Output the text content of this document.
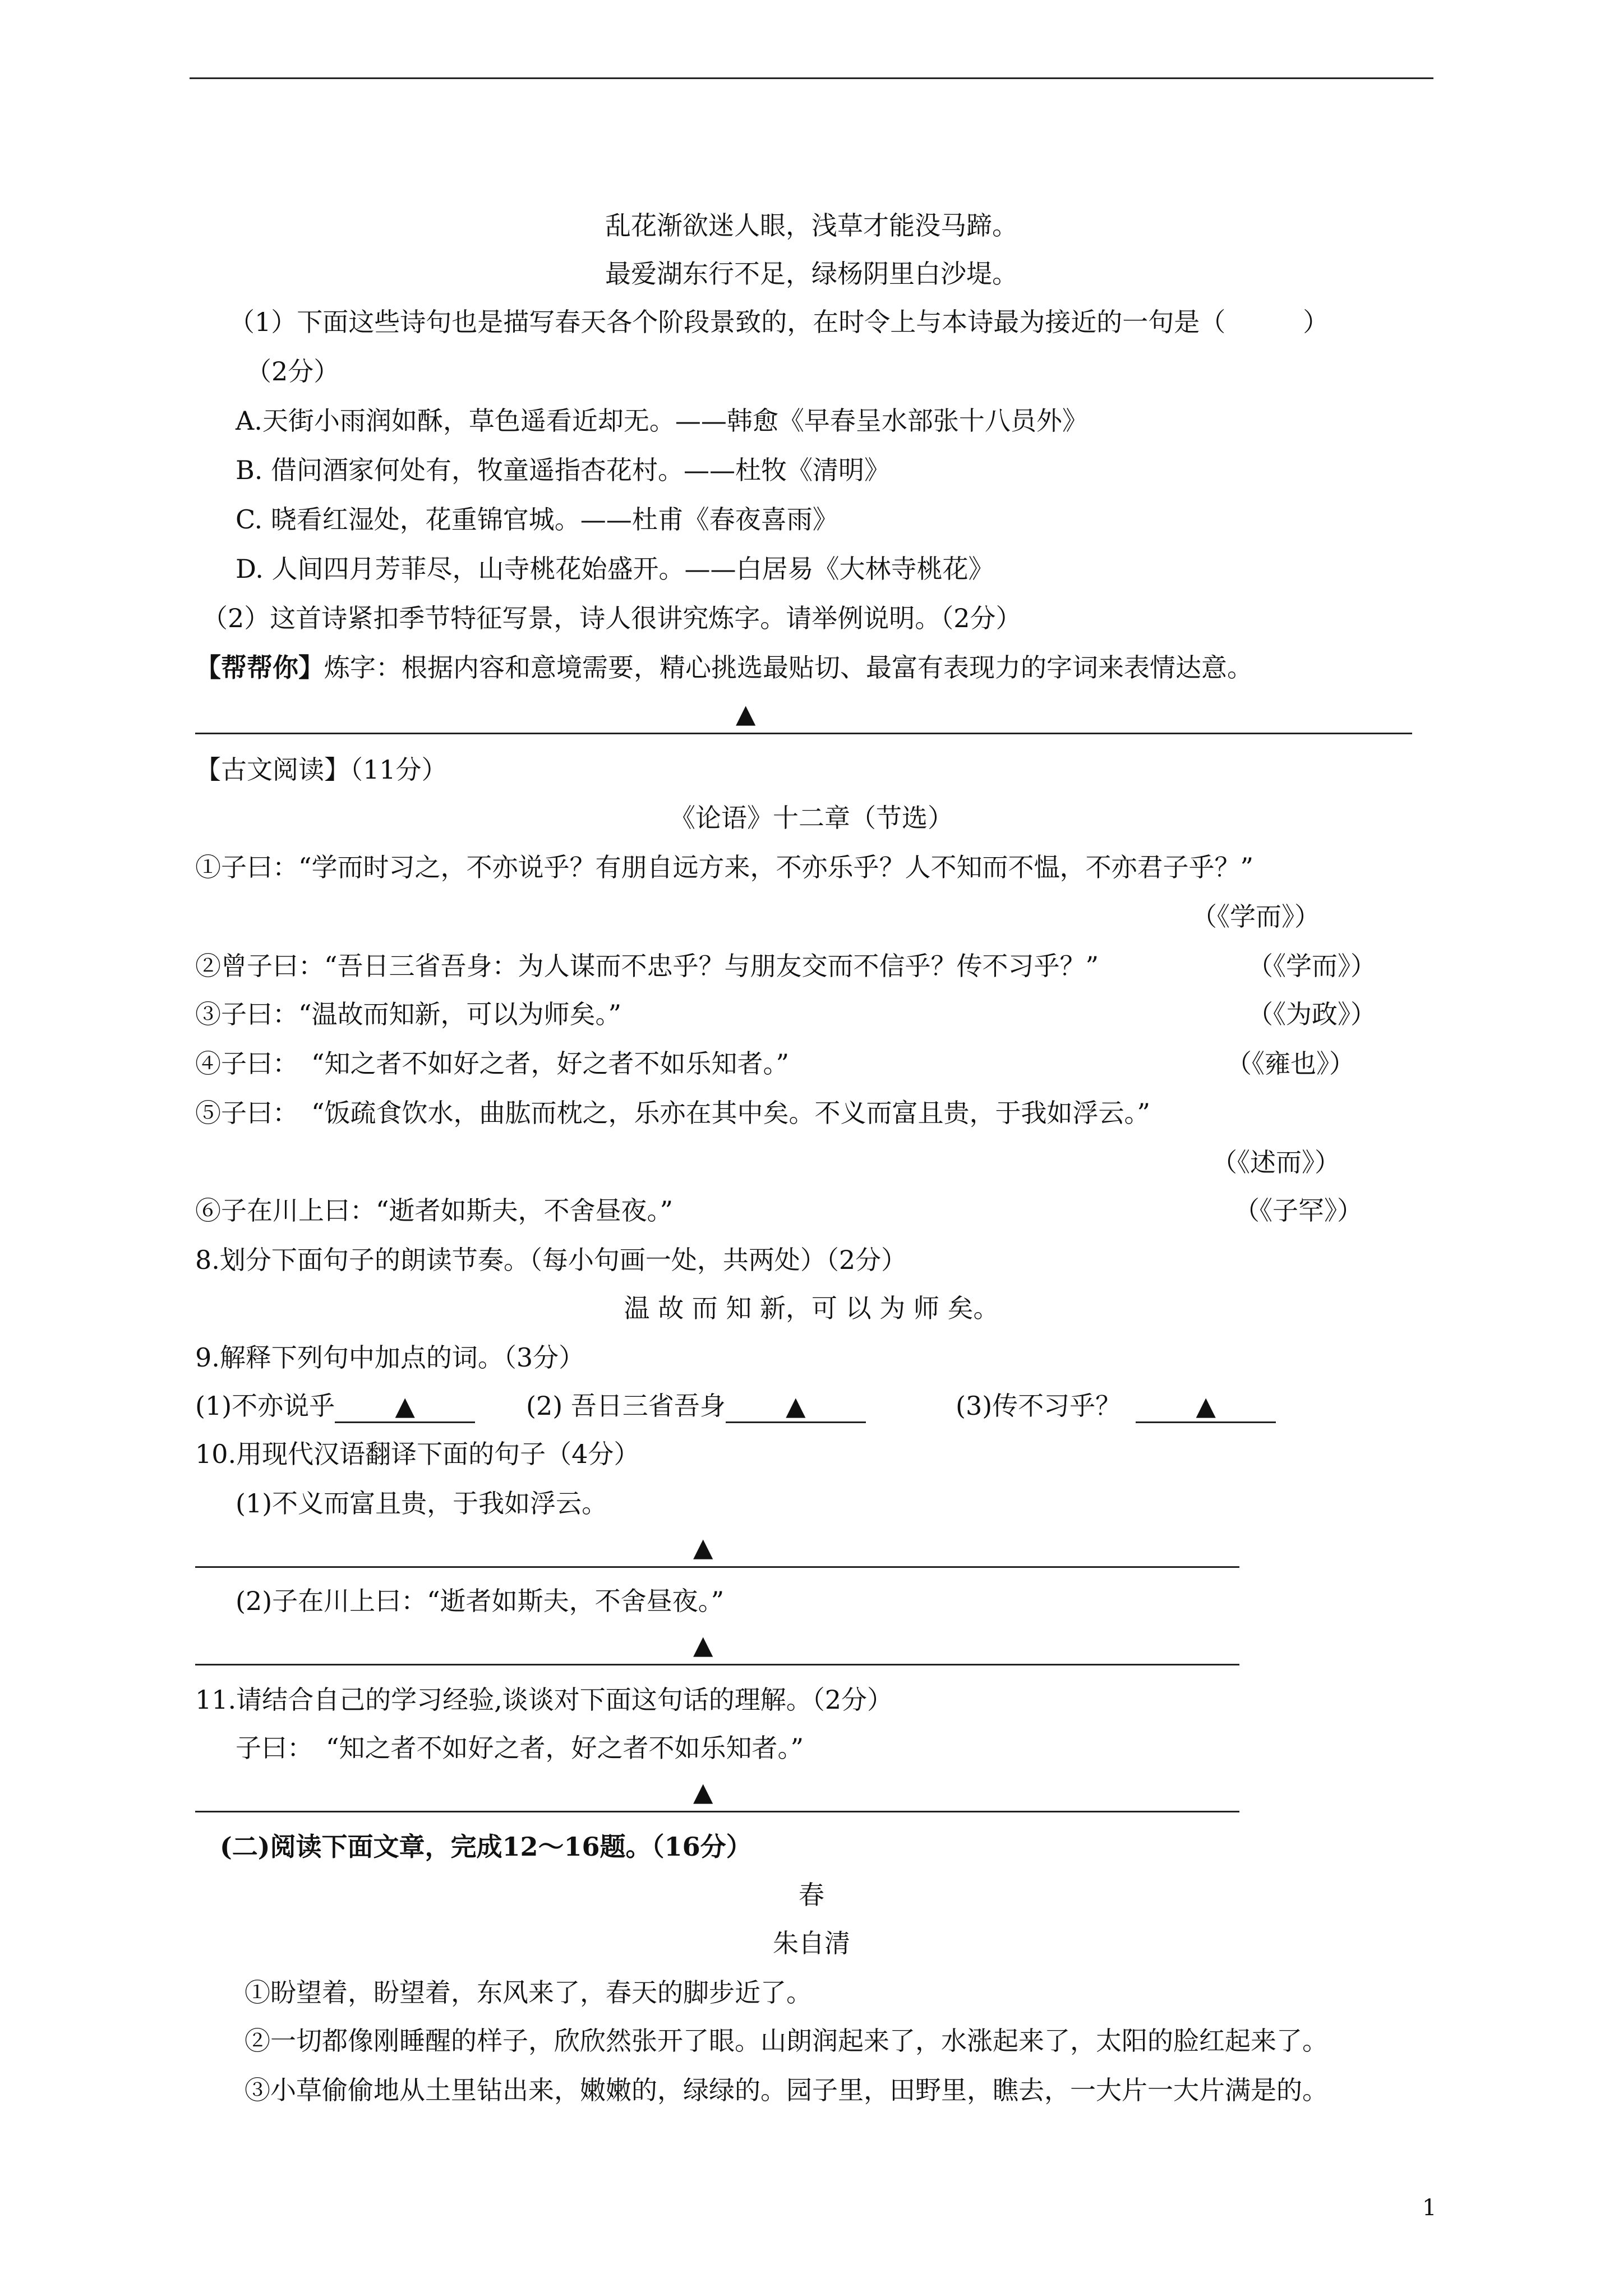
乱花渐欲迷人眼，浅草才能没马蹄。
最爱湖东行不足，绿杨阴里白沙堤。
（1）下面这些诗句也是描写春天各个阶段景致的，在时令上与本诗最为接近的一句是（　　　）
（2分）
A.天街小雨润如酥，草色遥看近却无。——韩愈《早春呈水部张十八员外》
B. 借问酒家何处有，牧童遥指杏花村。——杜牧《清明》
C. 晓看红湿处，花重锦官城。——杜甫《春夜喜雨》
D. 人间四月芳菲尽，山寺桃花始盛开。——白居易《大林寺桃花》
（2）这首诗紧扣季节特征写景，诗人很讲究炼字。请举例说明。（2分）
【帮帮你】炼字：根据内容和意境需要，精心挑选最贴切、最富有表现力的字词来表情达意。
▲
【古文阅读】（11分）
《论语》十二章（节选）
①子曰：“学而时习之，不亦说乎？有朋自远方来，不亦乐乎？人不知而不愠，不亦君子乎？”
（《学而》）
②曾子曰：“吾日三省吾身：为人谋而不忠乎？与朋友交而不信乎？传不习乎？”	（《学而》）
③子曰：“温故而知新，可以为师矣。”	（《为政》）
④子曰：　“知之者不如好之者，好之者不如乐知者。”	（《雍也》）
⑤子曰：　“饭疏食饮水，曲肱而枕之，乐亦在其中矣。不义而富且贵，于我如浮云。”
（《述而》）
⑥子在川上曰：“逝者如斯夫，不舍昼夜。”	（《子罕》）
8.划分下面句子的朗读节奏。（每小句画一处，共两处）（2分）
温 故 而 知 新，可 以 为 师 矣。
9.解释下列句中加点的词。（3分）
(1)不亦说乎 ▲	(2) 吾日三省吾身 ▲	(3)传不习乎？	▲
10.用现代汉语翻译下面的句子（4分）
(1)不义而富且贵，于我如浮云。
▲
(2)子在川上曰：“逝者如斯夫，不舍昼夜。”
▲
11.请结合自己的学习经验,谈谈对下面这句话的理解。（2分）
子曰：　“知之者不如好之者，好之者不如乐知者。”
▲
(二)阅读下面文章，完成12～16题。（16分）
春
朱自清
①盼望着，盼望着，东风来了，春天的脚步近了。
②一切都像刚睡醒的样子，欣欣然张开了眼。山朗润起来了，水涨起来了，太阳的脸红起来了。
③小草偷偷地从土里钻出来，嫩嫩的，绿绿的。园子里，田野里，瞧去，一大片一大片满是的。
1
